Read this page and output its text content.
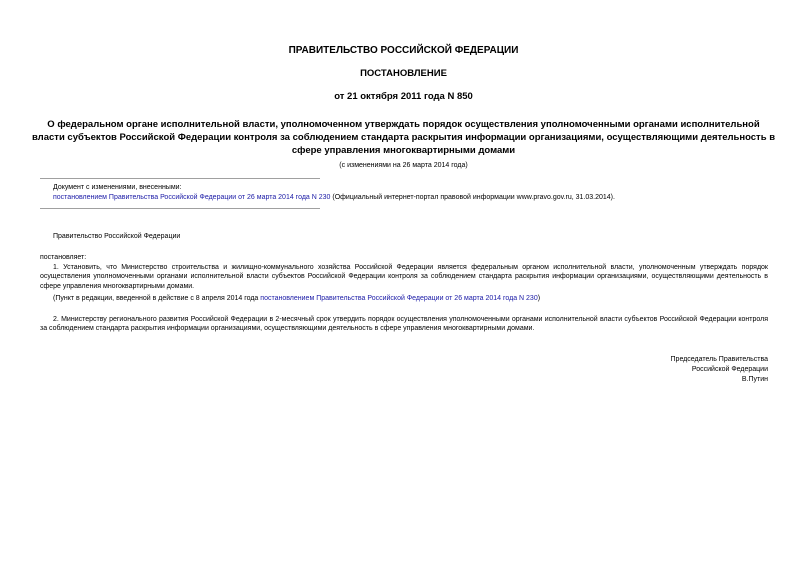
ПРАВИТЕЛЬСТВО РОССИЙСКОЙ ФЕДЕРАЦИИ
ПОСТАНОВЛЕНИЕ
от 21 октября 2011 года N 850
О федеральном органе исполнительной власти, уполномоченном утверждать порядок осуществления уполномоченными органами исполнительной власти субъектов Российской Федерации контроля за соблюдением стандарта раскрытия информации организациями, осуществляющими деятельность в сфере управления многоквартирными домами
(с изменениями на 26 марта 2014 года)
Документ с изменениями, внесенными:
постановлением Правительства Российской Федерации от 26 марта 2014 года N 230 (Официальный интернет-портал правовой информации www.pravo.gov.ru, 31.03.2014).
Правительство Российской Федерации
постановляет:
1. Установить, что Министерство строительства и жилищно-коммунального хозяйства Российской Федерации является федеральным органом исполнительной власти, уполномоченным утверждать порядок осуществления уполномоченными органами исполнительной власти субъектов Российской Федерации контроля за соблюдением стандарта раскрытия информации организациями, осуществляющими деятельность в сфере управления многоквартирными домами.
(Пункт в редакции, введенной в действие с 8 апреля 2014 года постановлением Правительства Российской Федерации от 26 марта 2014 года N 230)
2. Министерству регионального развития Российской Федерации в 2-месячный срок утвердить порядок осуществления уполномоченными органами исполнительной власти субъектов Российской Федерации контроля за соблюдением стандарта раскрытия информации организациями, осуществляющими деятельность в сфере управления многоквартирными домами.
Председатель Правительства
Российской Федерации
В.Путин
